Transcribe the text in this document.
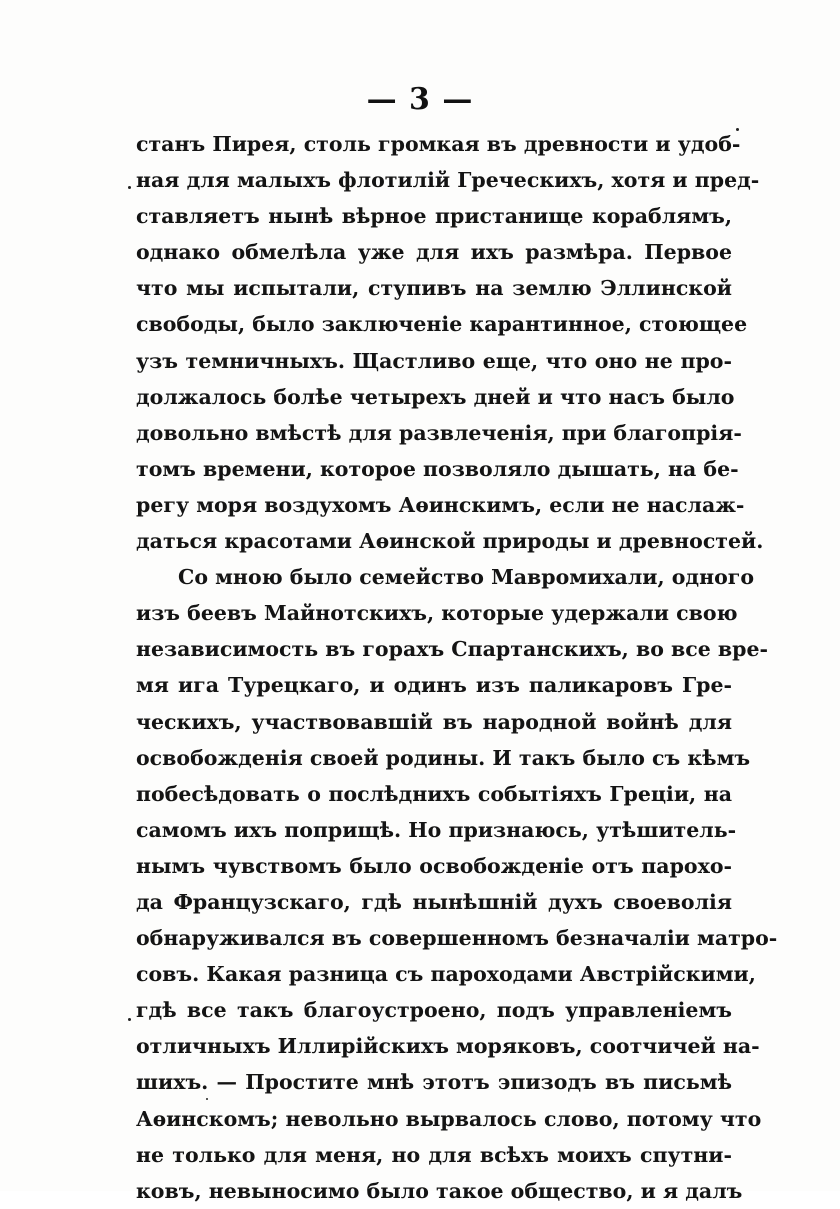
— 3 —
станъ Пирея, столь громкая въ древности и удоб-
ная для малыхъ флотилій Греческихъ, хотя и пред-
ставляетъ нынѣ вѣрное пристанище кораблямъ,
однако обмелѣла уже для ихъ размѣра. Первое
что мы испытали, ступивъ на землю Эллинской
свободы, было заключеніе карантинное, стоющее
узъ темничныхъ. Щастливо еще, что оно не про-
должалось болѣе четырехъ дней и что насъ было
довольно вмѣстѣ для развлеченія, при благопрія-
томъ времени, которое позволяло дышать, на бе-
регу моря воздухомъ Аѳинскимъ, если не наслаж-
даться красотами Аѳинской природы и древностей.
Со мною было семейство Мавромихали, одного
изъ беевъ Майнотскихъ, которые удержали свою
независимость въ горахъ Спартанскихъ, во все вре-
мя ига Турецкаго, и одинъ изъ паликаровъ Гре-
ческихъ, участвовавшій въ народной войнѣ для
освобожденія своей родины. И такъ было съ кѣмъ
побесѣдовать о послѣднихъ событіяхъ Греціи, на
самомъ ихъ поприщѣ. Но признаюсь, утѣшитель-
нымъ чувствомъ было освобожденіе отъ парохо-
да Французскаго, гдѣ нынѣшній духъ своеволія
обнаруживался въ совершенномъ безначаліи матро-
совъ. Какая разница съ пароходами Австрійскими,
гдѣ все такъ благоустроено, подъ управленіемъ
отличныхъ Иллирійскихъ моряковъ, соотчичей на-
шихъ. — Простите мнѣ этотъ эпизодъ въ письмѣ
Аѳинскомъ; невольно вырвалось слово, потому что
не только для меня, но для всѣхъ моихъ спутни-
ковъ, невыносимо было такое общество, и я далъ
